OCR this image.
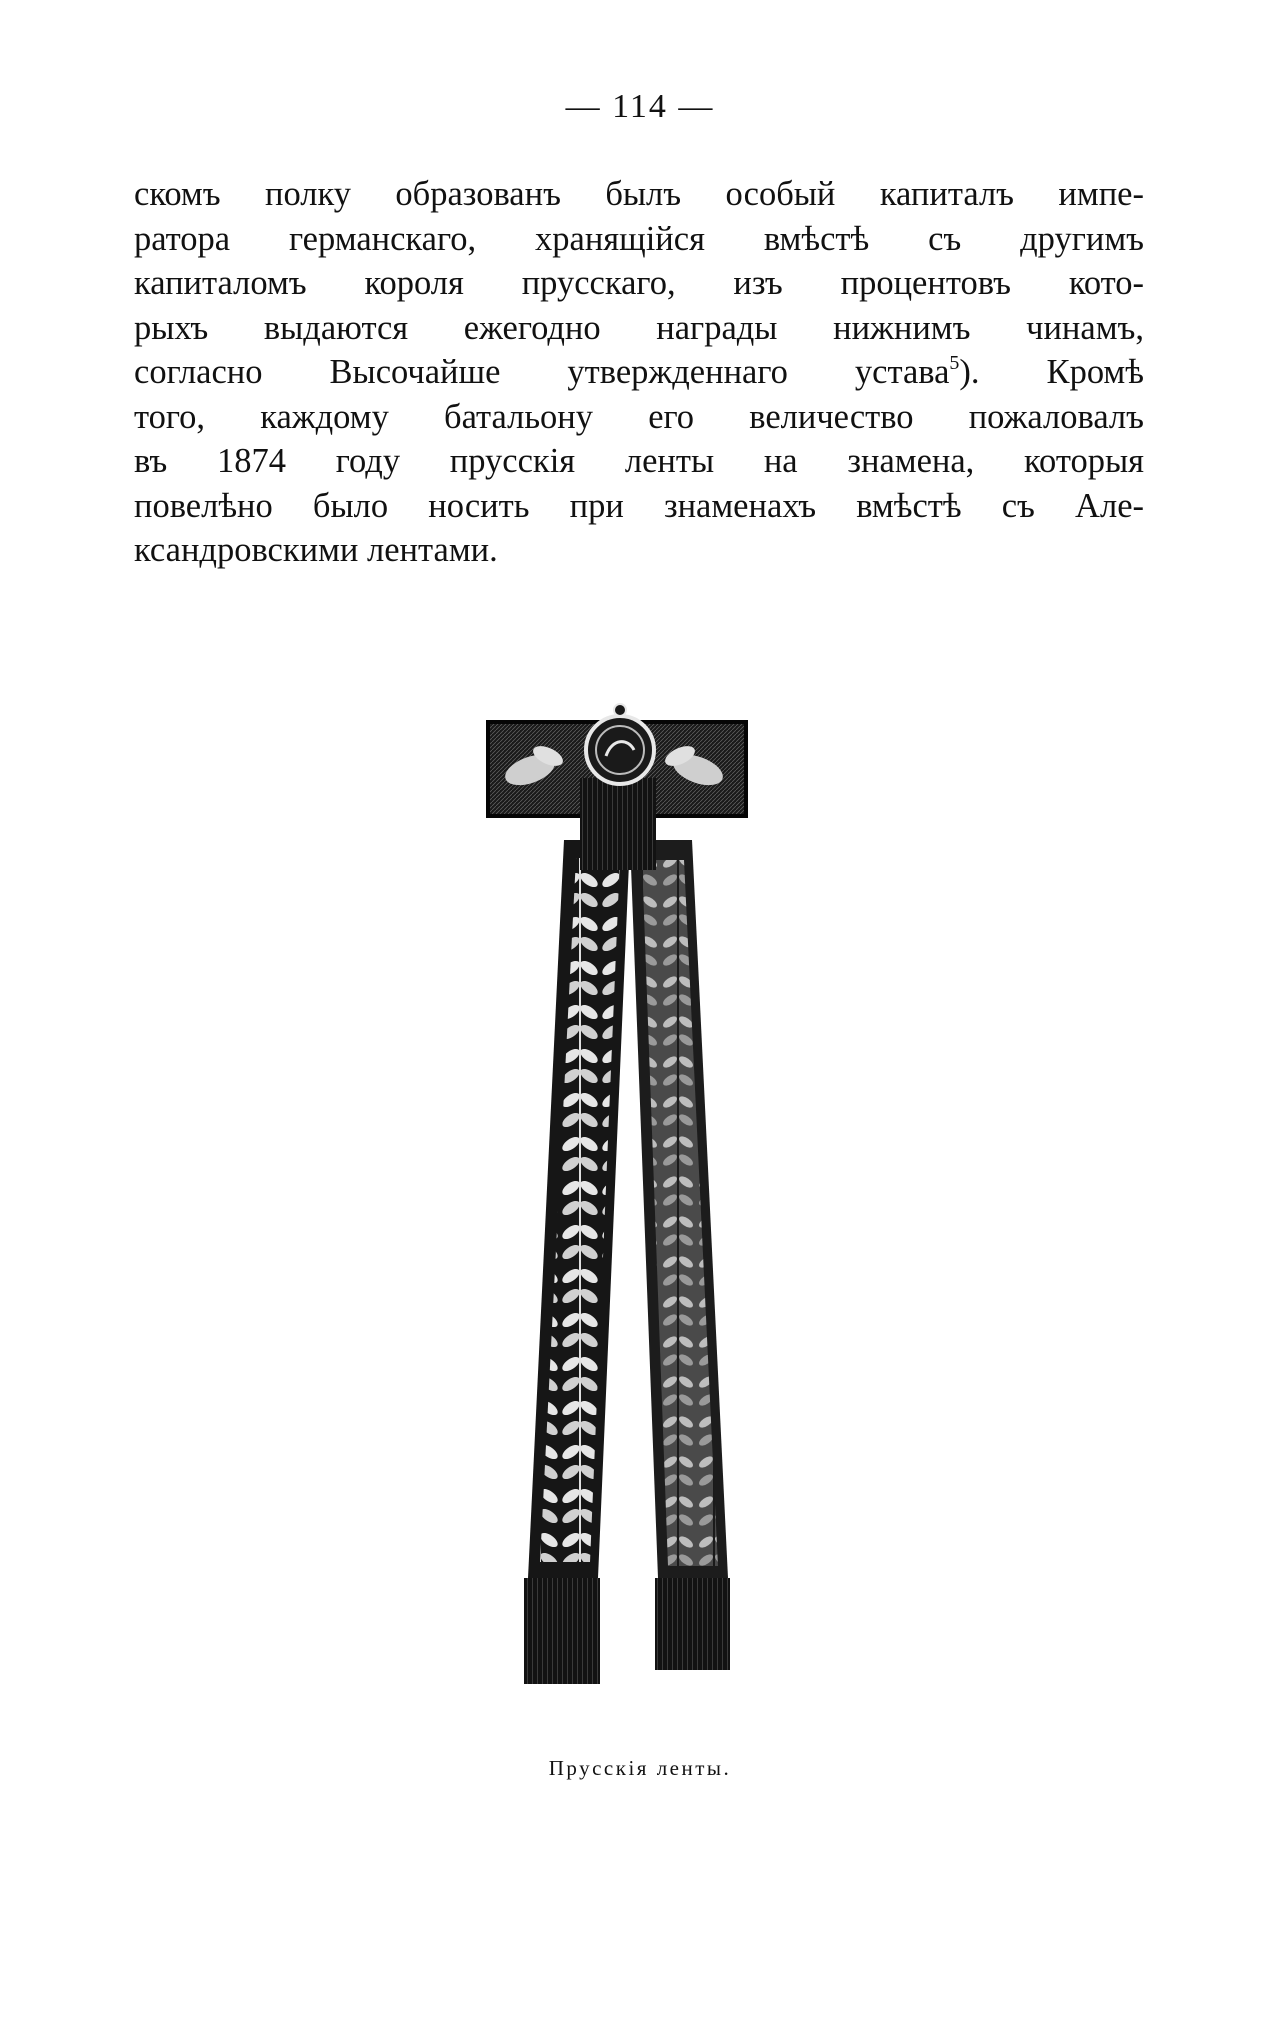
— 114 —
скомъ полку образованъ былъ особый капиталъ импе-
ратора германскаго, хранящійся вмѣстѣ съ другимъ
капиталомъ короля прусскаго, изъ процентовъ кото-
рыхъ выдаются ежегодно награды нижнимъ чинамъ,
согласно Высочайше утвержденнаго устава$^5$). Кромѣ
того, каждому батальону его величество пожаловалъ
въ 1874 году прусскія ленты на знамена, которыя
повелѣно было носить при знаменахъ вмѣстѣ съ Але-
ксандровскими лентами.
Прусскія ленты.
